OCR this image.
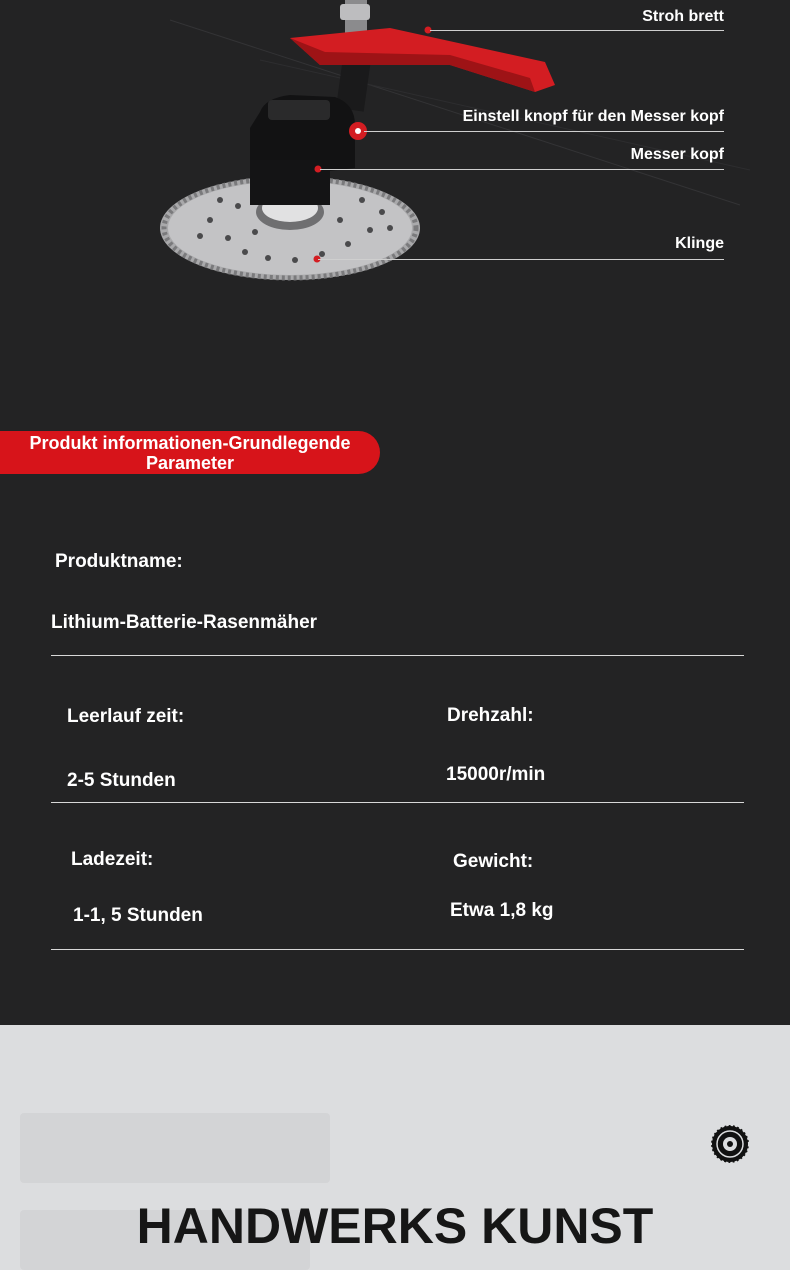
Stroh brett
Einstell knopf für den Messer kopf
Messer kopf
Klinge
Produkt informationen-Grundlegende
Parameter
Produktname:
Lithium-Batterie-Rasenmäher
Leerlauf zeit:
2-5 Stunden
Drehzahl:
15000r/min
Ladezeit:
1-1, 5 Stunden
Gewicht:
Etwa 1,8 kg
HANDWERKS KUNST
